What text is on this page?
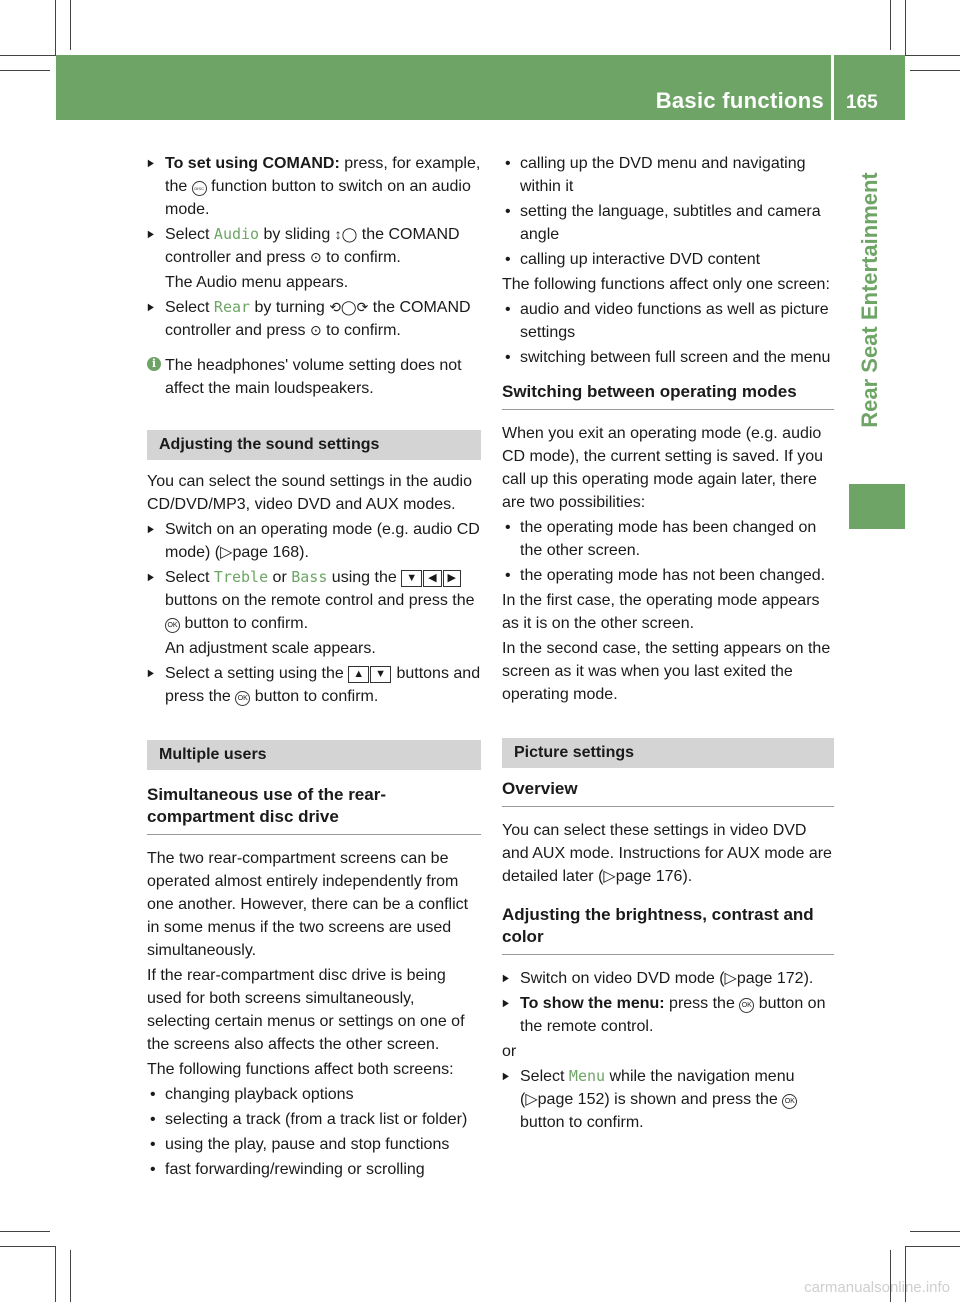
Basic functions 165
Rear Seat Entertainment

▶ To set using COMAND: press, for example, the DISC function button to switch on an audio mode.

▶ Select Audio by sliding ↕◯ the COMAND controller and press ⊙ to confirm.

The Audio menu appears.

▶ Select Rear by turning ⟲◯⟳ the COMAND controller and press ⊙ to confirm.

i The headphones' volume setting does not affect the main loudspeakers.

Adjusting the sound settings

You can select the sound settings in the audio CD/DVD/MP3, video DVD and AUX modes.

▶ Switch on an operating mode (e.g. audio CD mode) (▷page 168).

▶ Select Treble or Bass using the ▼ ◀ ▶ buttons on the remote control and press the OK button to confirm.

An adjustment scale appears.

▶ Select a setting using the ▲ ▼ buttons and press the OK button to confirm.

Multiple users
Simultaneous use of the rear-compartment disc drive

The two rear-compartment screens can be operated almost entirely independently from one another. However, there can be a conflict in some menus if the two screens are used simultaneously.

If the rear-compartment disc drive is being used for both screens simultaneously, selecting certain menus or settings on one of the screens also affects the other screen.

The following functions affect both screens:

• changing playback options

• selecting a track (from a track list or folder)

• using the play, pause and stop functions

• fast forwarding/rewinding or scrolling

• calling up the DVD menu and navigating within it

• setting the language, subtitles and camera angle

• calling up interactive DVD content

The following functions affect only one screen:

• audio and video functions as well as picture settings

• switching between full screen and the menu

Switching between operating modes

When you exit an operating mode (e.g. audio CD mode), the current setting is saved. If you call up this operating mode again later, there are two possibilities:

• the operating mode has been changed on the other screen.

• the operating mode has not been changed.

In the first case, the operating mode appears as it is on the other screen.

In the second case, the setting appears on the screen as it was when you last exited the operating mode.

Picture settings
Overview

You can select these settings in video DVD and AUX mode. Instructions for AUX mode are detailed later (▷page 176).

Adjusting the brightness, contrast and color

▶ Switch on video DVD mode (▷page 172).

▶ To show the menu: press the OK button on the remote control.

or

▶ Select Menu while the navigation menu (▷page 152) is shown and press the OK button to confirm.

carmanualsonline.info
